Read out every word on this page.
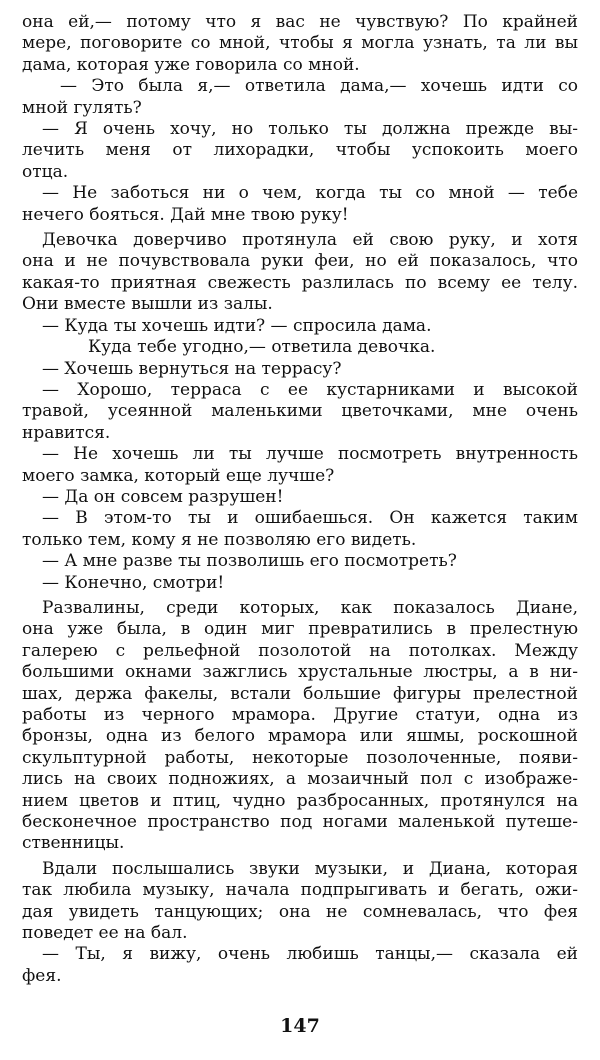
она ей,— потому что я вас не чувствую? По крайней
мере, поговорите со мной, чтобы я могла узнать, та ли вы
дама, которая уже говорила со мной.
— Это была я,— ответила дама,— хочешь идти со
мной гулять?
— Я очень хочу, но только ты должна прежде вы-
лечить меня от лихорадки, чтобы успокоить моего
отца.
— Не заботься ни о чем, когда ты со мной — тебе
нечего бояться. Дай мне твою руку!
Девочка доверчиво протянула ей свою руку, и хотя
она и не почувствовала руки феи, но ей показалось, что
какая-то приятная свежесть разлилась по всему ее телу.
Они вместе вышли из залы.
— Куда ты хочешь идти? — спросила дама.
Куда тебе угодно,— ответила девочка.
— Хочешь вернуться на террасу?
— Хорошо, терраса с ее кустарниками и высокой
травой, усеянной маленькими цветочками, мне очень
нравится.
— Не хочешь ли ты лучше посмотреть внутренность
моего замка, который еще лучше?
— Да он совсем разрушен!
— В этом-то ты и ошибаешься. Он кажется таким
только тем, кому я не позволяю его видеть.
— А мне разве ты позволишь его посмотреть?
— Конечно, смотри!
Развалины, среди которых, как показалось Диане,
она уже была, в один миг превратились в прелестную
галерею с рельефной позолотой на потолках. Между
большими окнами зажглись хрустальные люстры, а в ни-
шах, держа факелы, встали большие фигуры прелестной
работы из черного мрамора. Другие статуи, одна из
бронзы, одна из белого мрамора или яшмы, роскошной
скульптурной работы, некоторые позолоченные, появи-
лись на своих подножиях, а мозаичный пол с изображе-
нием цветов и птиц, чудно разбросанных, протянулся на
бесконечное пространство под ногами маленькой путеше-
ственницы.
Вдали послышались звуки музыки, и Диана, которая
так любила музыку, начала подпрыгивать и бегать, ожи-
дая увидеть танцующих; она не сомневалась, что фея
поведет ее на бал.
— Ты, я вижу, очень любишь танцы,— сказала ей
фея.
147
